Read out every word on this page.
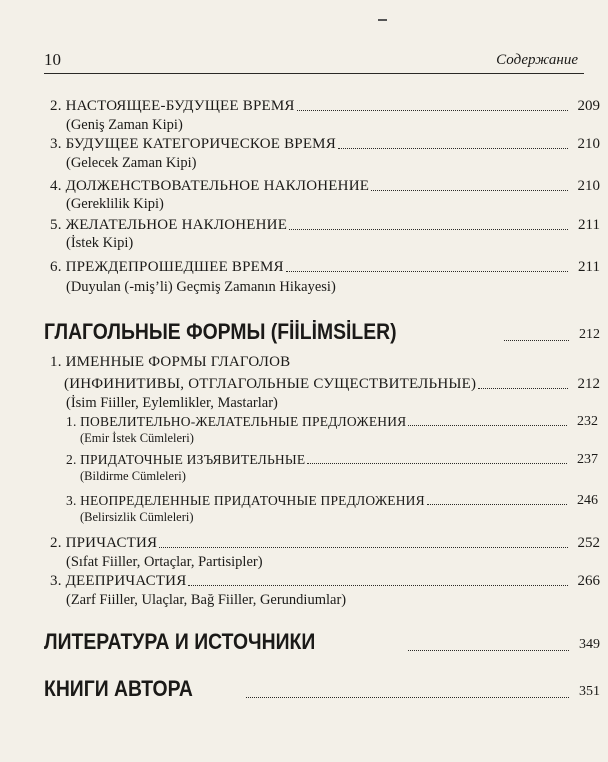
10	Содержание
2. НАСТОЯЩЕЕ-БУДУЩЕЕ ВРЕМЯ	209
(Geniş Zaman Kipi)
3. БУДУЩЕЕ КАТЕГОРИЧЕСКОЕ ВРЕМЯ	210
(Gelecek Zaman Kipi)
4. ДОЛЖЕНСТВОВАТЕЛЬНОЕ НАКЛОНЕНИЕ	210
(Gereklilik Kipi)
5. ЖЕЛАТЕЛЬНОЕ НАКЛОНЕНИЕ	211
(İstek Kipi)
6. ПРЕЖДЕПРОШЕДШЕЕ ВРЕМЯ	211
(Duyulan (-miş’li) Geçmiş Zamanın Hikayesi)
ГЛАГОЛЬНЫЕ ФОРМЫ (FİİLİMSİLER)	212
1. ИМЕННЫЕ ФОРМЫ ГЛАГОЛОВ
(ИНФИНИТИВЫ, ОТГЛАГОЛЬНЫЕ СУЩЕСТВИТЕЛЬНЫЕ)	212
(İsim Fiiller, Eylemlikler, Mastarlar)
1. ПОВЕЛИТЕЛЬНО-ЖЕЛАТЕЛЬНЫЕ ПРЕДЛОЖЕНИЯ	232
(Emir İstek Cümleleri)
2. ПРИДАТОЧНЫЕ ИЗЪЯВИТЕЛЬНЫЕ	237
(Bildirme Cümleleri)
3. НЕОПРЕДЕЛЕННЫЕ ПРИДАТОЧНЫЕ ПРЕДЛОЖЕНИЯ	246
(Belirsizlik Cümleleri)
2. ПРИЧАСТИЯ	252
(Sıfat Fiiller, Ortaçlar, Partisipler)
3. ДЕЕПРИЧАСТИЯ	266
(Zarf Fiiller, Ulaçlar, Bağ Fiiller, Gerundiumlar)
ЛИТЕРАТУРА И ИСТОЧНИКИ	349
КНИГИ АВТОРА	351
